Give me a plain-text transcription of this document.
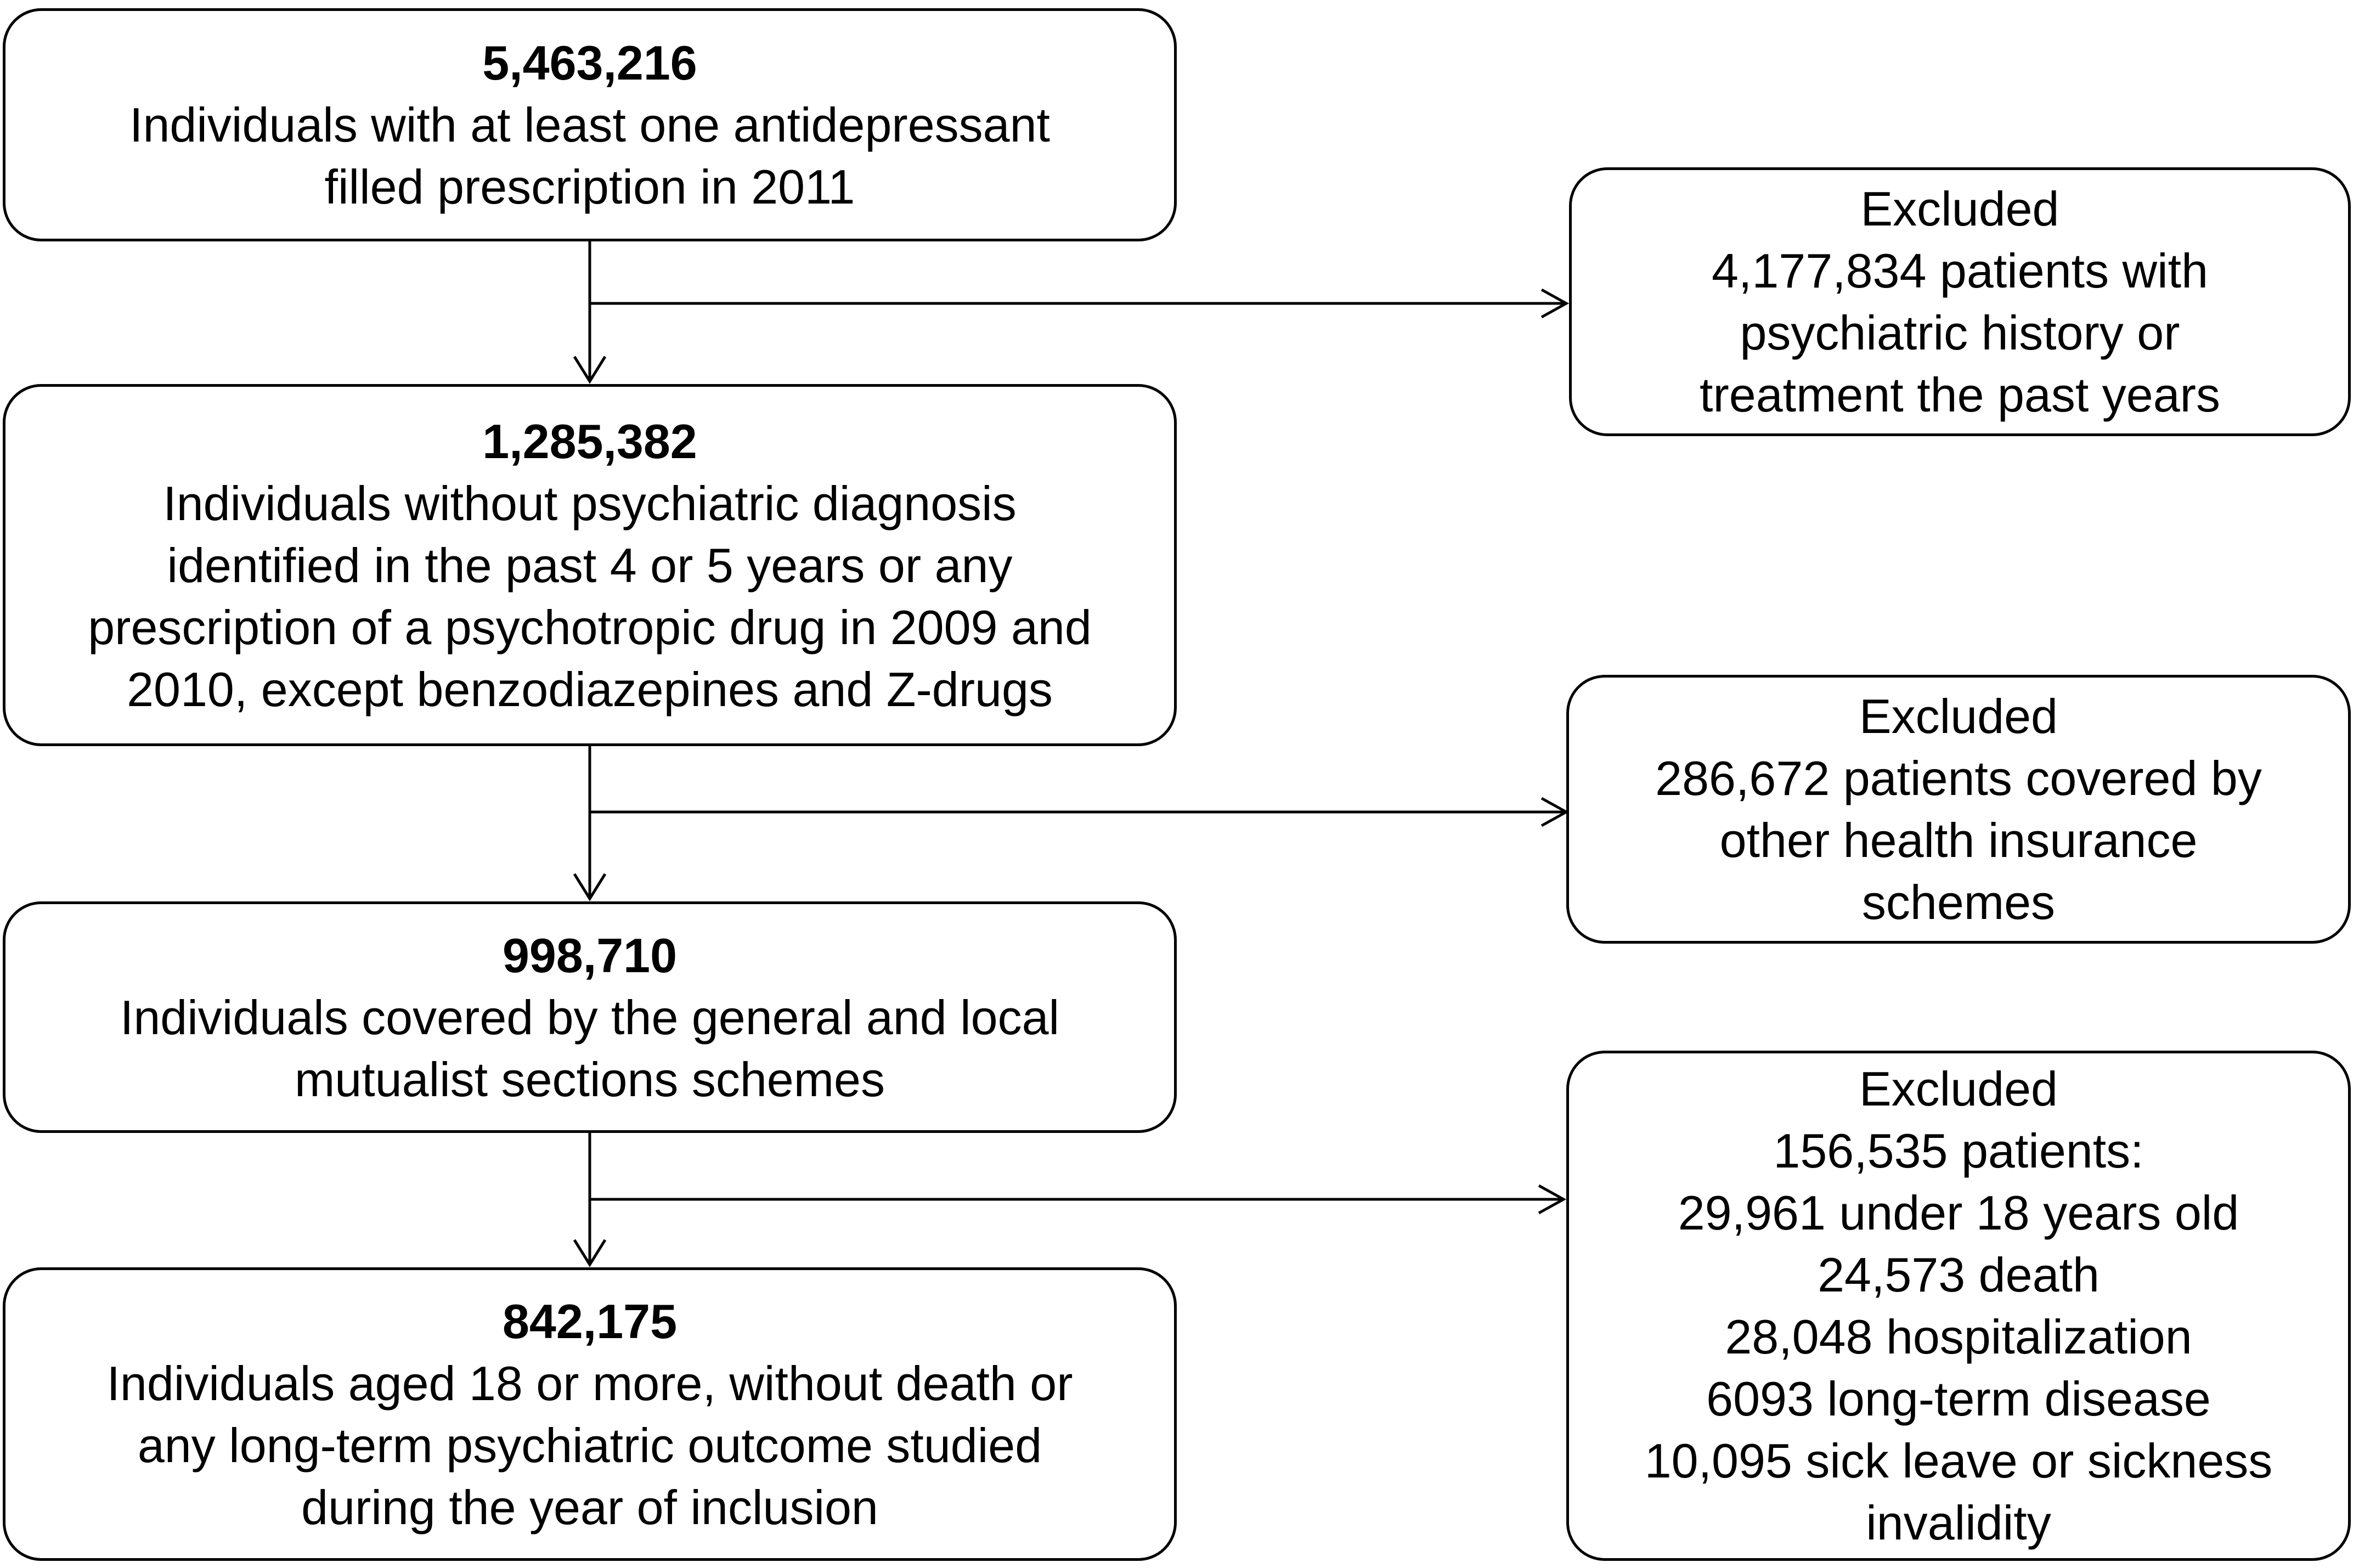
5,463,216
Individuals with at least one antidepressant
filled prescription in 2011
1,285,382
Individuals without psychiatric diagnosis
identified in the past 4 or 5 years or any
prescription of a psychotropic drug in 2009 and
2010, except benzodiazepines and Z-drugs
998,710
Individuals covered by the general and local
mutualist sections schemes
842,175
Individuals aged 18 or more, without death or
any long-term psychiatric outcome studied
during the year of inclusion
Excluded
4,177,834 patients with
psychiatric history or
treatment the past years
Excluded
286,672 patients covered by
other health insurance
schemes
Excluded
156,535 patients:
29,961 under 18 years old
24,573 death
28,048 hospitalization
6093 long-term disease
10,095 sick leave or sickness
invalidity
